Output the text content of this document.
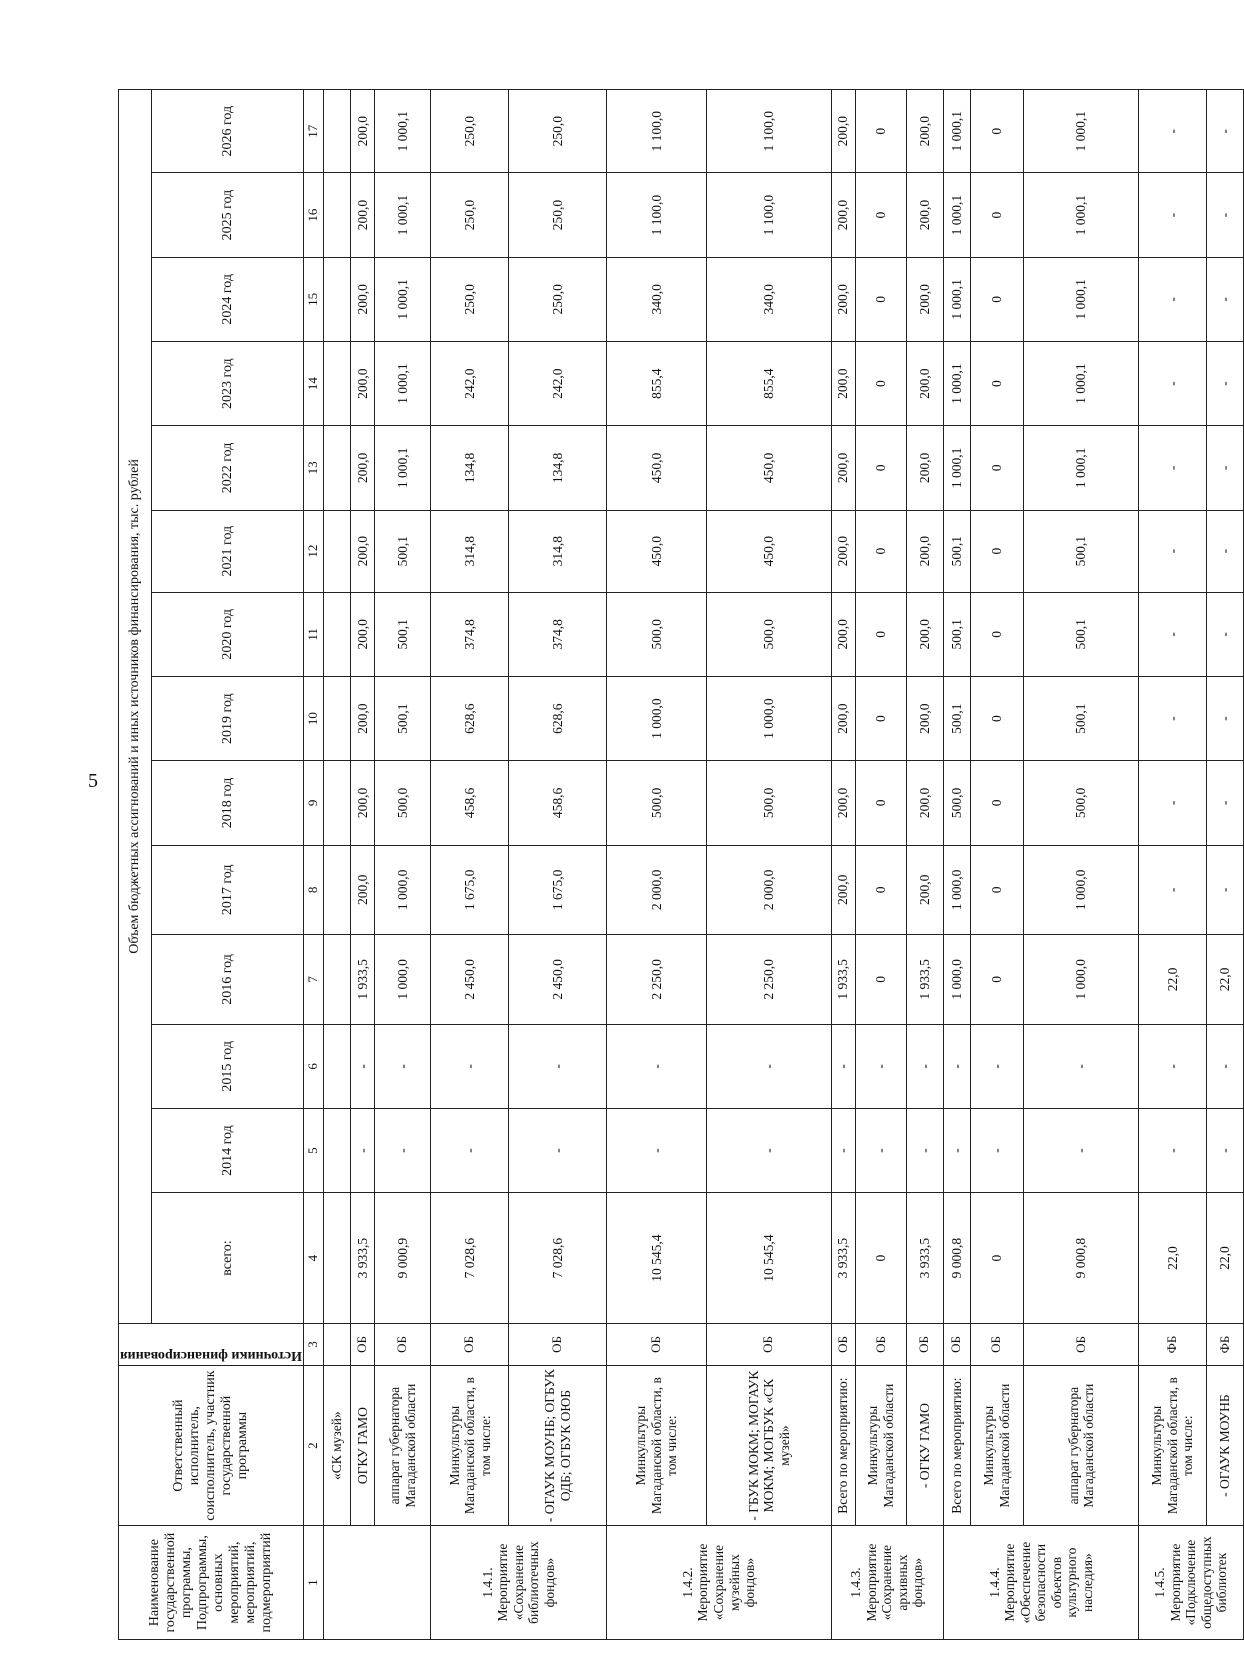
5
Наименование государственной программы, Подпрограммы, основных мероприятий, мероприятий, подмероприятий	Ответственный исполнитель, соисполнитель, участник государственной программы	Источники финансирования	Объем бюджетных ассигнований и иных источников финансирования, тыс. рублей													
			всего:	2014 год	2015 год	2016 год	2017 год	2018 год	2019 год	2020 год	2021 год	2022 год	2023 год	2024 год	2025 год	2026 год
1	2	3	4	5	6	7	8	9	10	11	12	13	14	15	16	17
	«СК музей»															
	ОГКУ ГАМО	ОБ	3 933,5	-	-	1 933,5	200,0	200,0	200,0	200,0	200,0	200,0	200,0	200,0	200,0	200,0
	аппарат губернатора Магаданской области	ОБ	9 000,9	-	-	1 000,0	1 000,0	500,0	500,1	500,1	500,1	1 000,1	1 000,1	1 000,1	1 000,1	1 000,1
1.4.1. Мероприятие «Сохранение библиотечных фондов»	Минкультуры Магаданской области, в том числе:	ОБ	7 028,6	-	-	2 450,0	1 675,0	458,6	628,6	374,8	314,8	134,8	242,0	250,0	250,0	250,0
	- ОГАУК МОУНБ; ОГБУК ОДБ; ОГБУК ОЮБ	ОБ	7 028,6	-	-	2 450,0	1 675,0	458,6	628,6	374,8	314,8	134,8	242,0	250,0	250,0	250,0
1.4.2. Мероприятие «Сохранение музейных фондов»	Минкультуры Магаданской области, в том числе:	ОБ	10 545,4	-	-	2 250,0	2 000,0	500,0	1 000,0	500,0	450,0	450,0	855,4	340,0	1 100,0	1 100,0
	- ГБУК МОКМ; МОГАУК МОКМ; МОГБУК «СК музей»	ОБ	10 545,4	-	-	2 250,0	2 000,0	500,0	1 000,0	500,0	450,0	450,0	855,4	340,0	1 100,0	1 100,0
1.4.3. Мероприятие «Сохранение архивных фондов»	Всего по мероприятию:	ОБ	3 933,5	-	-	1 933,5	200,0	200,0	200,0	200,0	200,0	200,0	200,0	200,0	200,0	200,0
	Минкультуры Магаданской области	ОБ	0	-	-	0	0	0	0	0	0	0	0	0	0	0
	- ОГКУ ГАМО	ОБ	3 933,5	-	-	1 933,5	200,0	200,0	200,0	200,0	200,0	200,0	200,0	200,0	200,0	200,0
1.4.4. Мероприятие «Обеспечение безопасности объектов культурного наследия»	Всего по мероприятию:	ОБ	9 000,8	-	-	1 000,0	1 000,0	500,0	500,1	500,1	500,1	1 000,1	1 000,1	1 000,1	1 000,1	1 000,1
	Минкультуры Магаданской области	ОБ	0	-	-	0	0	0	0	0	0	0	0	0	0	0
	аппарат губернатора Магаданской области	ОБ	9 000,8	-	-	1 000,0	1 000,0	500,0	500,1	500,1	500,1	1 000,1	1 000,1	1 000,1	1 000,1	1 000,1
1.4.5. Мероприятие «Подключение общедоступных библиотек	Минкультуры Магаданской области, в том числе:	ФБ	22,0	-	-	22,0	-	-	-	-	-	-	-	-	-	-
	- ОГАУК МОУНБ	ФБ	22,0	-	-	22,0	-	-	-	-	-	-	-	-	-	-
